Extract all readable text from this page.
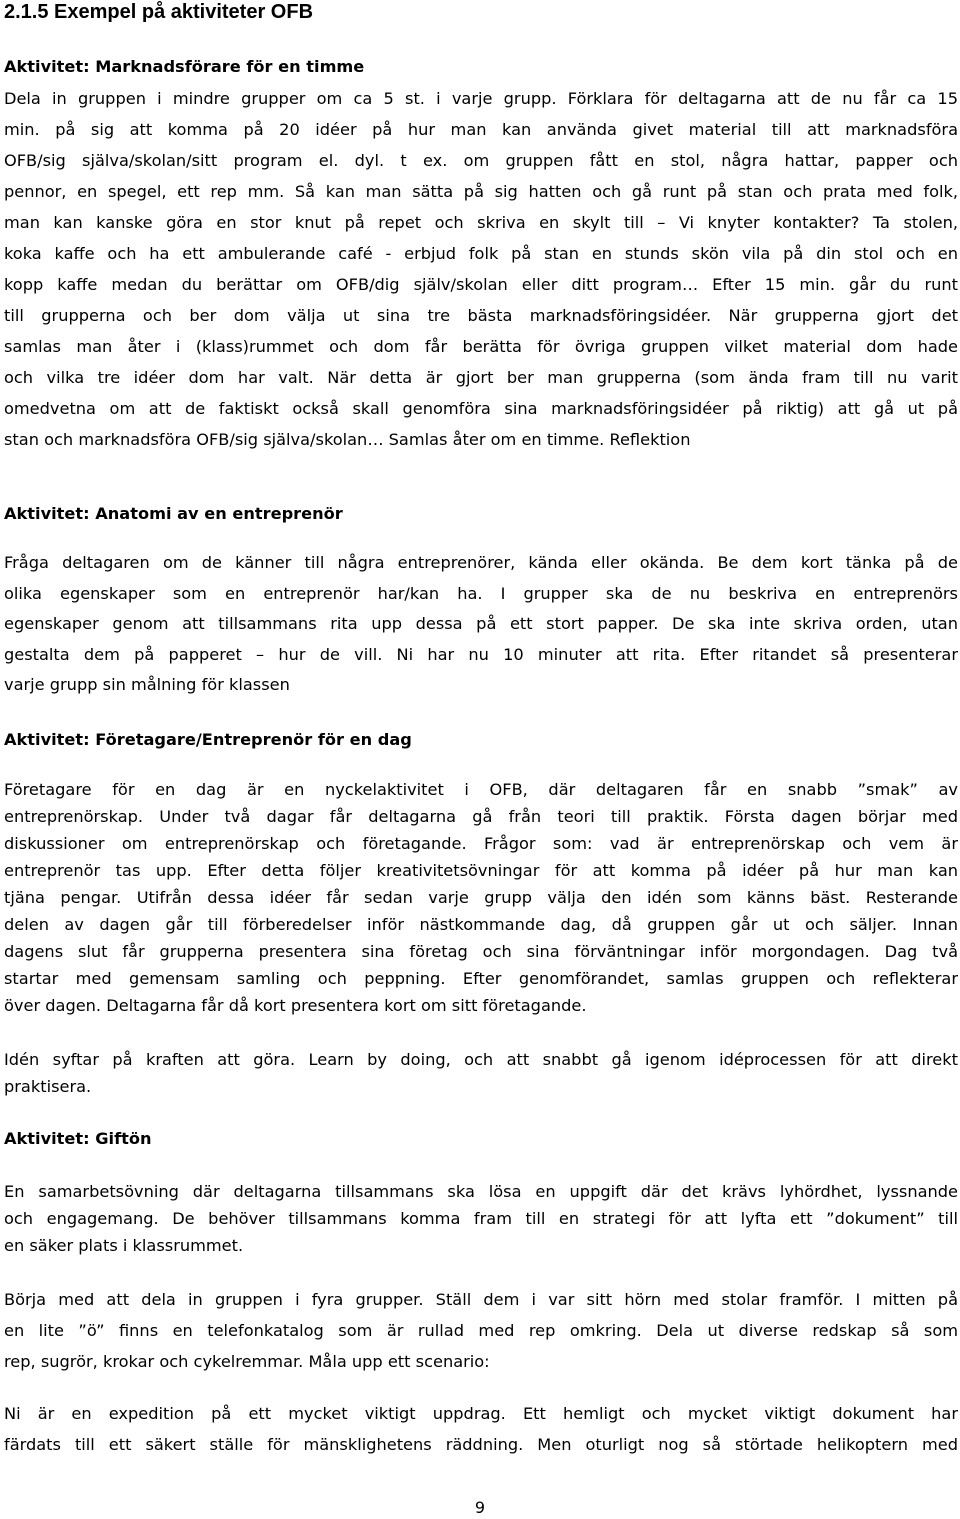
2.1.5 Exempel på aktiviteter OFB
Aktivitet: Marknadsförare för en timme
Dela in gruppen i mindre grupper om ca 5 st. i varje grupp. Förklara för deltagarna att de nu får ca 15
min. på sig att komma på 20 idéer på hur man kan använda givet material till att marknadsföra
OFB/sig själva/skolan/sitt program el. dyl. t ex. om gruppen fått en stol, några hattar, papper och
pennor, en spegel, ett rep mm. Så kan man sätta på sig hatten och gå runt på stan och prata med folk,
man kan kanske göra en stor knut på repet och skriva en skylt till – Vi knyter kontakter? Ta stolen,
koka kaffe och ha ett ambulerande café - erbjud folk på stan en stunds skön vila på din stol och en
kopp kaffe medan du berättar om OFB/dig själv/skolan eller ditt program… Efter 15 min. går du runt
till grupperna och ber dom välja ut sina tre bästa marknadsföringsidéer. När grupperna gjort det
samlas man åter i (klass)rummet och dom får berätta för övriga gruppen vilket material dom hade
och vilka tre idéer dom har valt. När detta är gjort ber man grupperna (som ända fram till nu varit
omedvetna om att de faktiskt också skall genomföra sina marknadsföringsidéer på riktig) att gå ut på
stan och marknadsföra OFB/sig själva/skolan… Samlas åter om en timme. Reflektion
Aktivitet: Anatomi av en entreprenör
Fråga deltagaren om de känner till några entreprenörer, kända eller okända. Be dem kort tänka på de
olika egenskaper som en entreprenör har/kan ha. I grupper ska de nu beskriva en entreprenörs
egenskaper genom att tillsammans rita upp dessa på ett stort papper. De ska inte skriva orden, utan
gestalta dem på papperet – hur de vill. Ni har nu 10 minuter att rita. Efter ritandet så presenterar
varje grupp sin målning för klassen
Aktivitet: Företagare/Entreprenör för en dag
Företagare för en dag är en nyckelaktivitet i OFB, där deltagaren får en snabb ”smak” av
entreprenörskap. Under två dagar får deltagarna gå från teori till praktik. Första dagen börjar med
diskussioner om entreprenörskap och företagande. Frågor som: vad är entreprenörskap och vem är
entreprenör tas upp. Efter detta följer kreativitetsövningar för att komma på idéer på hur man kan
tjäna pengar. Utifrån dessa idéer får sedan varje grupp välja den idén som känns bäst. Resterande
delen av dagen går till förberedelser inför nästkommande dag, då gruppen går ut och säljer. Innan
dagens slut får grupperna presentera sina företag och sina förväntningar inför morgondagen. Dag två
startar med gemensam samling och peppning. Efter genomförandet, samlas gruppen och reflekterar
över dagen. Deltagarna får då kort presentera kort om sitt företagande.
Idén syftar på kraften att göra. Learn by doing, och att snabbt gå igenom idéprocessen för att direkt
praktisera.
Aktivitet: Giftön
En samarbetsövning där deltagarna tillsammans ska lösa en uppgift där det krävs lyhördhet, lyssnande
och engagemang. De behöver tillsammans komma fram till en strategi för att lyfta ett ”dokument” till
en säker plats i klassrummet.
Börja med att dela in gruppen i fyra grupper. Ställ dem i var sitt hörn med stolar framför. I mitten på
en lite ”ö” finns en telefonkatalog som är rullad med rep omkring. Dela ut diverse redskap så som
rep, sugrör, krokar och cykelremmar. Måla upp ett scenario:
Ni är en expedition på ett mycket viktigt uppdrag. Ett hemligt och mycket viktigt dokument har
färdats till ett säkert ställe för mänsklighetens räddning. Men oturligt nog så störtade helikoptern med
9
